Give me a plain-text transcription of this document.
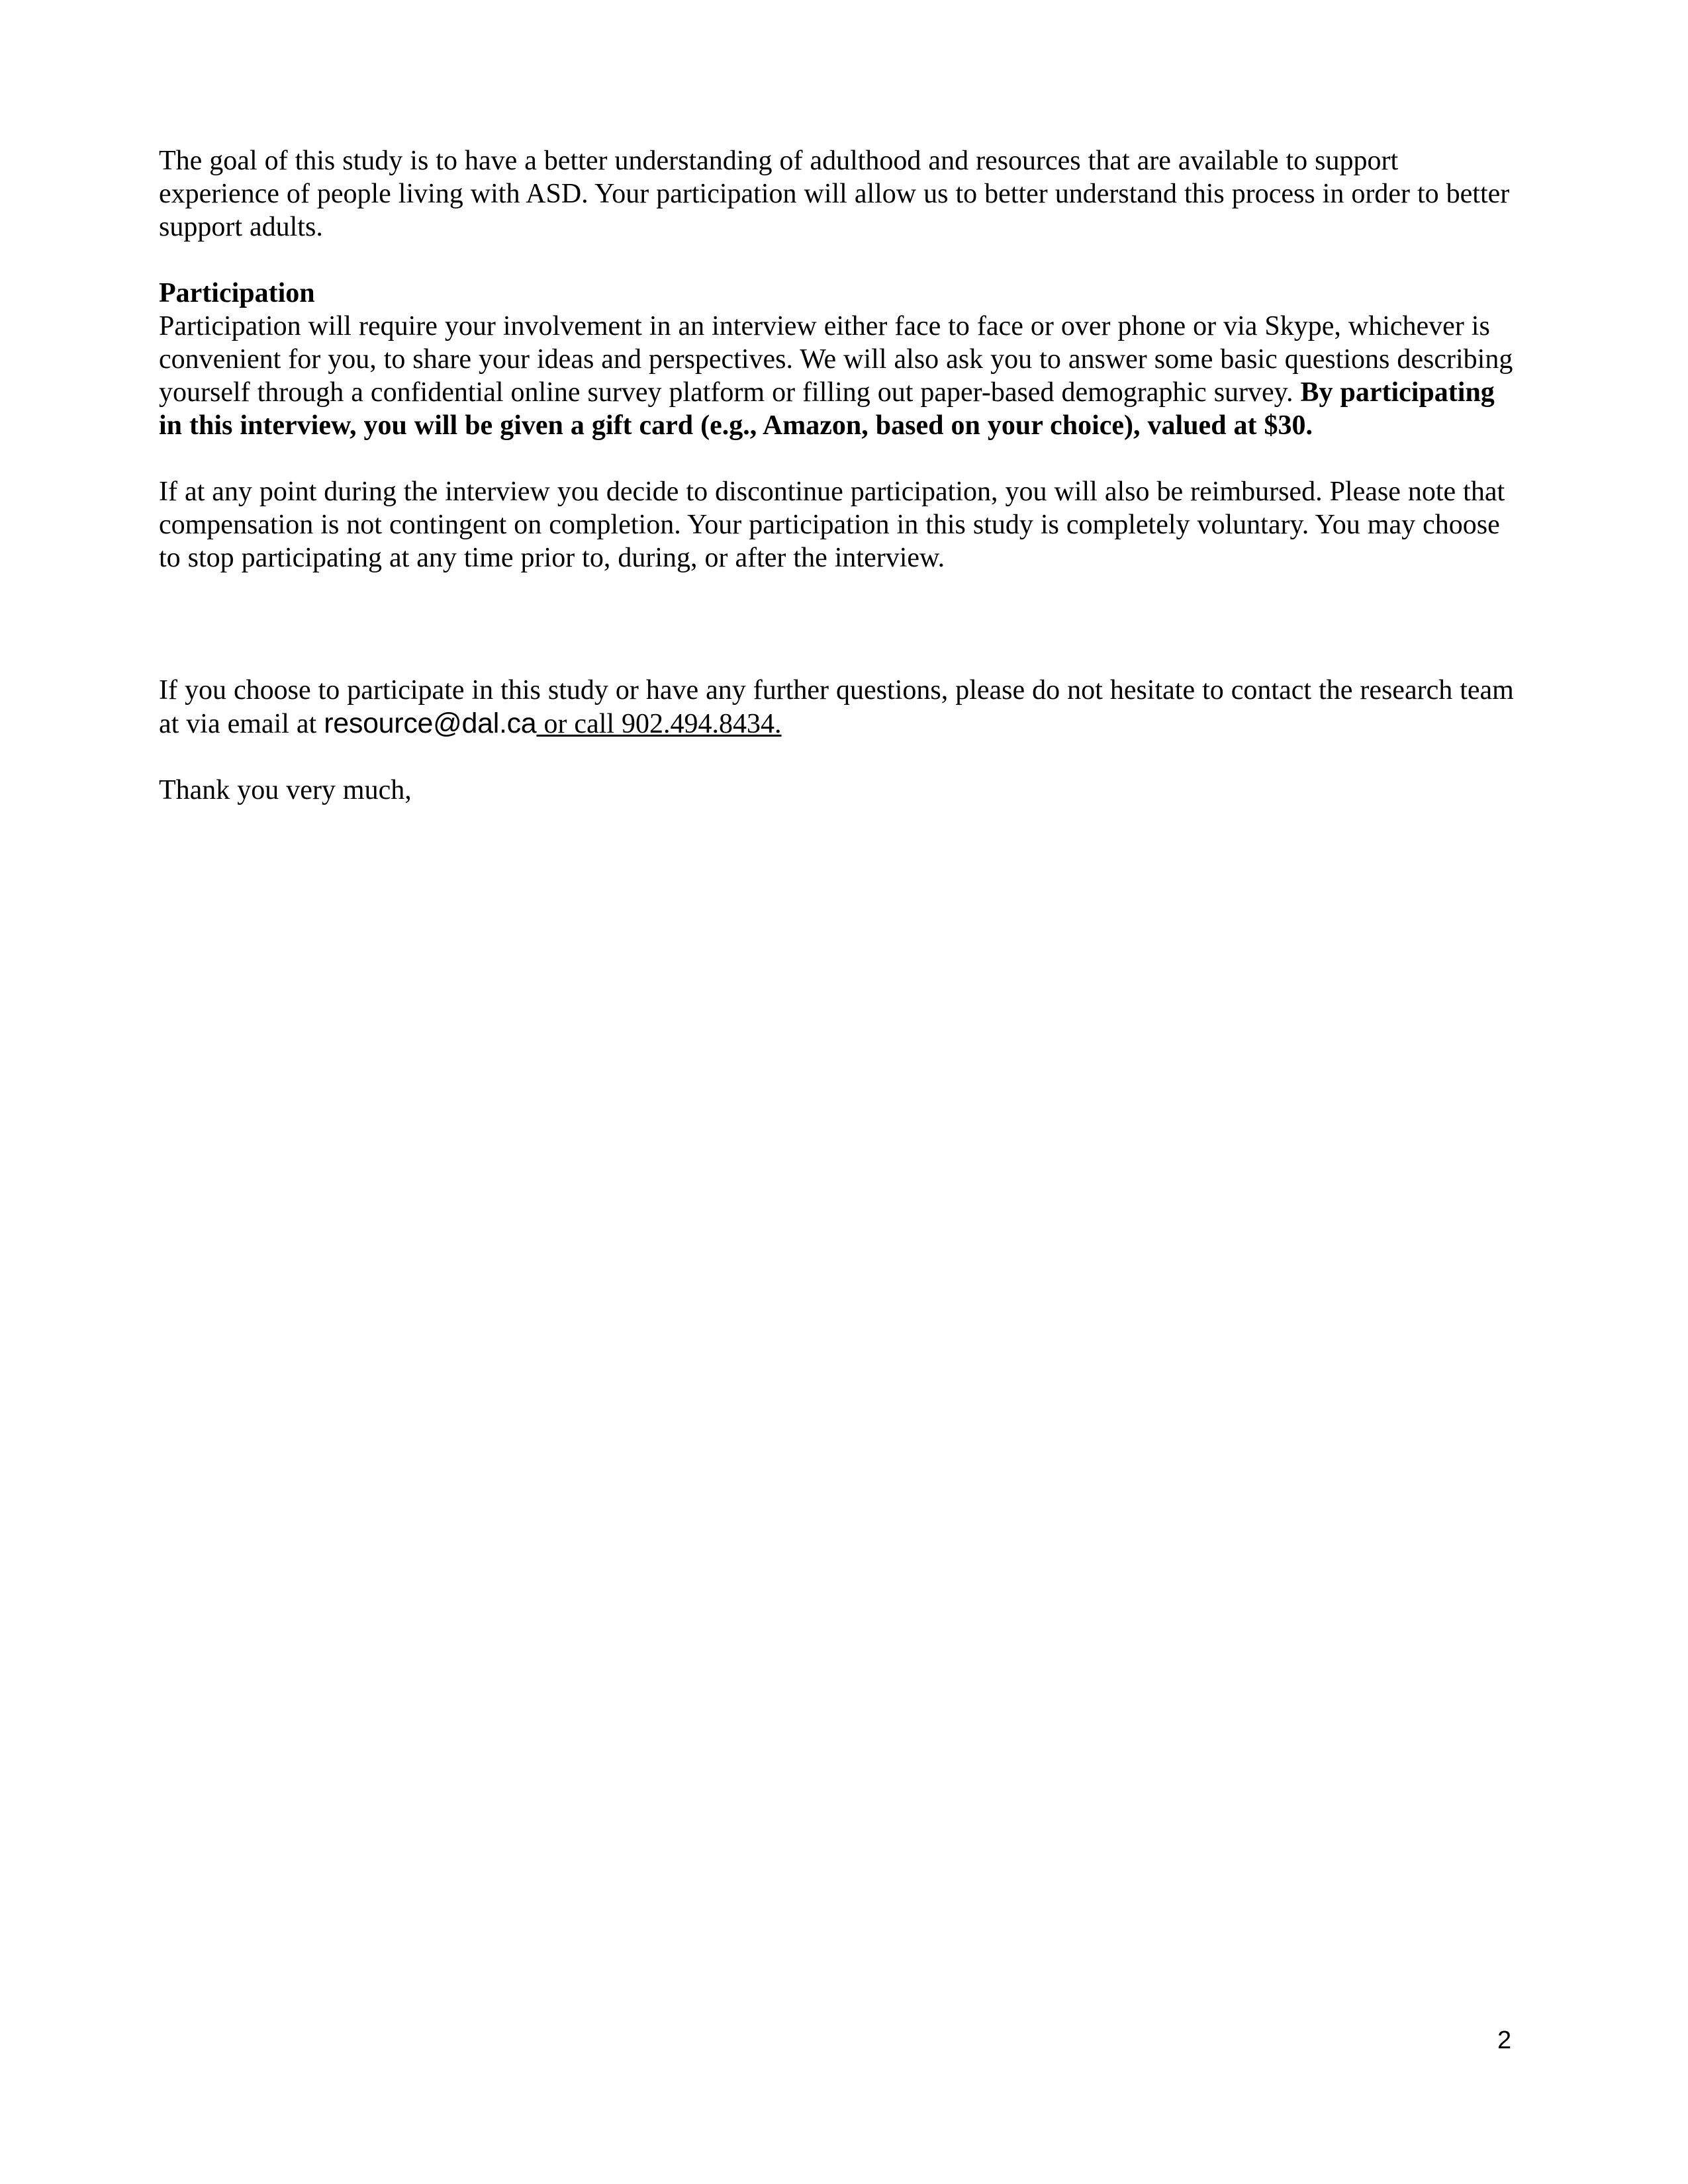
The goal of this study is to have a better understanding of adulthood and resources that are available to support experience of people living with ASD. Your participation will allow us to better understand this process in order to better support adults.

Participation

Participation will require your involvement in an interview either face to face or over phone or via Skype, whichever is convenient for you, to share your ideas and perspectives. We will also ask you to answer some basic questions describing yourself through a confidential online survey platform or filling out paper-based demographic survey. By participating in this interview, you will be given a gift card (e.g., Amazon, based on your choice), valued at $30.

If at any point during the interview you decide to discontinue participation, you will also be reimbursed. Please note that compensation is not contingent on completion. Your participation in this study is completely voluntary. You may choose to stop participating at any time prior to, during, or after the interview.

If you choose to participate in this study or have any further questions, please do not hesitate to contact the research team at via email at resource@dal.ca or call 902.494.8434.

Thank you very much,

2
